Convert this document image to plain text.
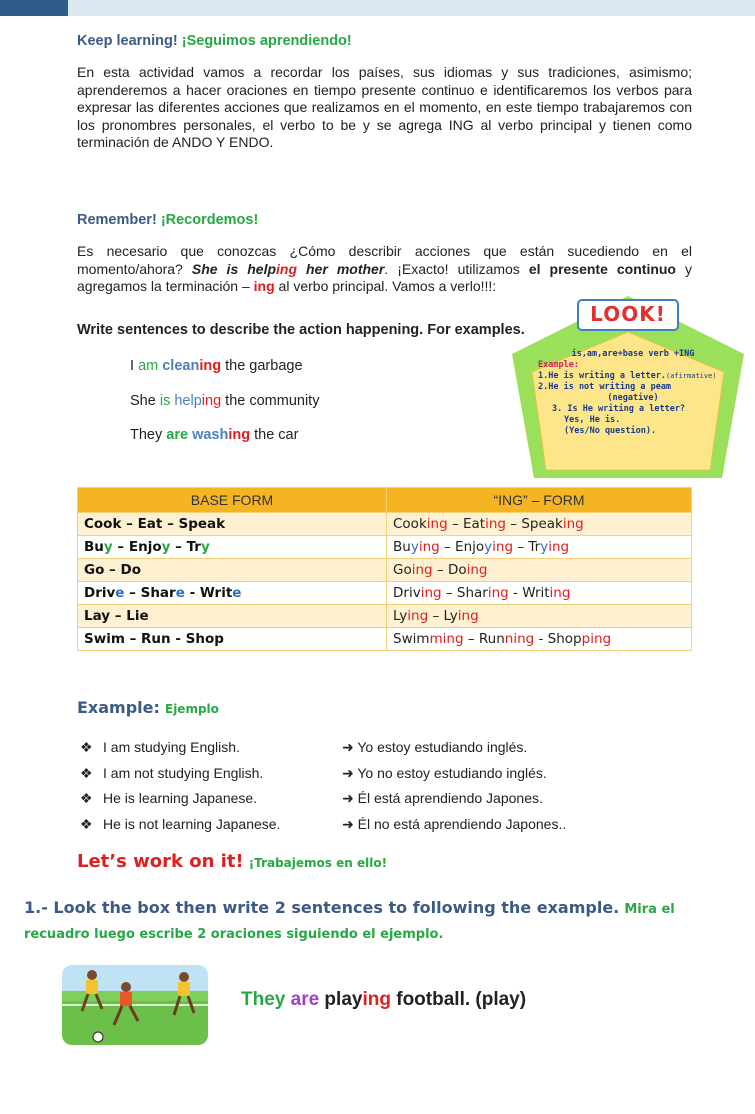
Keep learning! ¡Seguimos aprendiendo!
En esta actividad vamos a recordar los países, sus idiomas y sus tradiciones, asimismo; aprenderemos a hacer oraciones en tiempo presente continuo e identificaremos los verbos para expresar las diferentes acciones que realizamos en el momento, en este tiempo trabajaremos con los pronombres personales, el verbo to be y se agrega ING al verbo principal y tienen como terminación de ANDO Y ENDO.
Remember! ¡Recordemos!
Es necesario que conozcas ¿Cómo describir acciones que están sucediendo en el momento/ahora? She is helping her mother. ¡Exacto! utilizamos el presente continuo y agregamos la terminación – ing al verbo principal. Vamos a verlo!!!:
Write sentences to describe the action happening. For examples.
I am cleaning the garbage
She is helping the community
They are washing the car
LOOK!
is,am,are+base verb +ING
Example:
1.He is writing a letter.(afirmative)
2.He is not writing a peam
(negative)
3. Is He writing a letter?
Yes, He is.
(Yes/No question).
BASE FORM	“ING” – FORM
Cook – Eat – Speak	Cooking – Eating – Speaking
Buy – Enjoy – Try	Buying – Enjoying – Trying
Go – Do	Going – Doing
Drive – Share - Write	Driving – Sharing - Writing
Lay – Lie	Lying – Lying
Swim – Run - Shop	Swimming – Running - Shopping
Example: Ejemplo
❖ I am studying English.	➜ Yo estoy estudiando inglés.
❖ I am not studying English.	➜ Yo no estoy estudiando inglés.
❖ He is learning Japanese.	➜ Él está aprendiendo Japones.
❖ He is not learning Japanese.	➜ Él no está aprendiendo Japones..
Let’s work on it! ¡Trabajemos en ello!
1.- Look the box then write 2 sentences to following the example. Mira el recuadro luego escribe 2 oraciones siguiendo el ejemplo.
They are playing football. (play)
